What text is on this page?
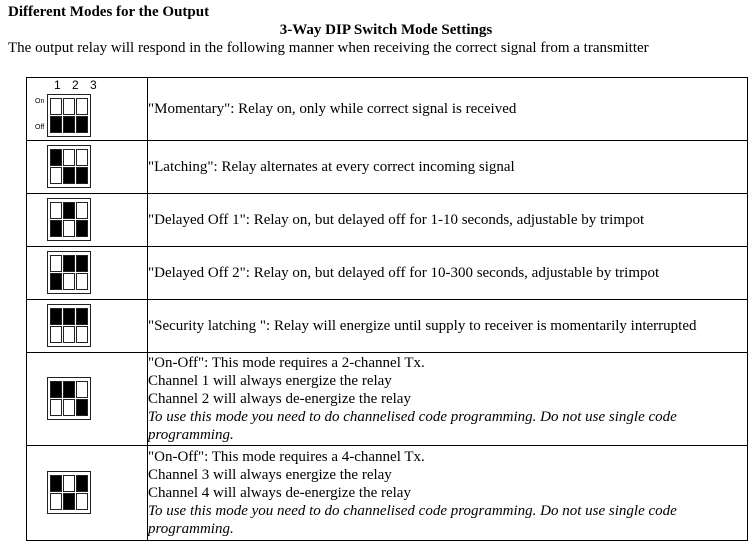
Different Modes for the Output
3-Way DIP Switch Mode Settings
The output relay will respond in the following manner when receiving the correct signal from a transmitter
1 2 3
On
Off	"Momentary": Relay on, only while correct signal is received

	"Latching": Relay alternates at every correct incoming signal

	"Delayed Off 1": Relay on, but delayed off for 1-10 seconds, adjustable by trimpot

	"Delayed Off 2": Relay on, but delayed off for 10-300 seconds, adjustable by trimpot

	"Security latching ": Relay will energize until supply to receiver is momentarily interrupted

	"On-Off": This mode requires a 2-channel Tx.
Channel 1 will always energize the relay
Channel 2 will always de-energize the relay
To use this mode you need to do channelised code programming. Do not use single code programming.

	"On-Off": This mode requires a 4-channel Tx.
Channel 3 will always energize the relay
Channel 4 will always de-energize the relay
To use this mode you need to do channelised code programming. Do not use single code programming.
